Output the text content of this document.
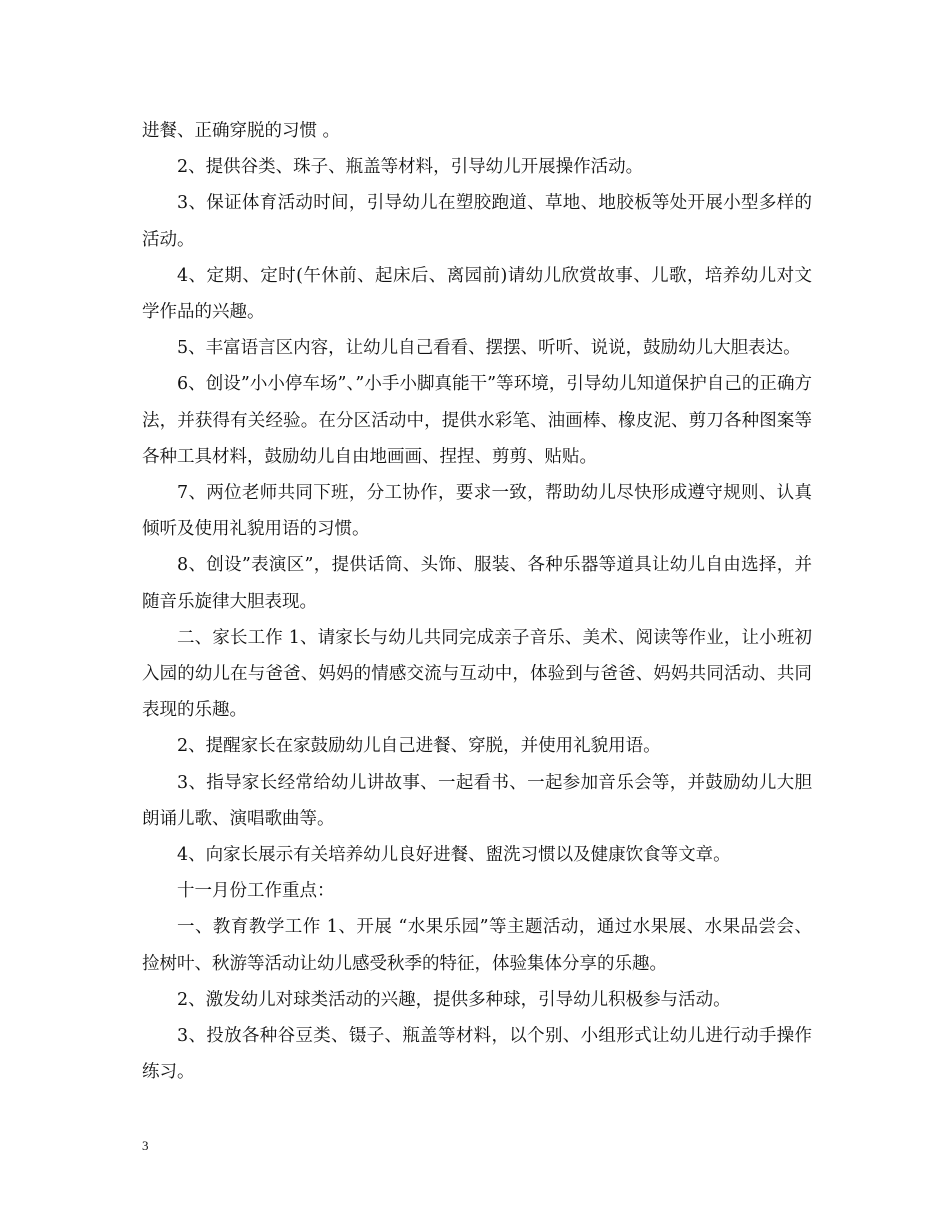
进餐、正确穿脱的习惯 。

2、提供谷类、珠子、瓶盖等材料，引导幼儿开展操作活动。

3、保证体育活动时间，引导幼儿在塑胶跑道、草地、地胶板等处开展小型多样的活动。

4、定期、定时(午休前、起床后、离园前)请幼儿欣赏故事、儿歌，培养幼儿对文学作品的兴趣。

5、丰富语言区内容，让幼儿自己看看、摆摆、听听、说说，鼓励幼儿大胆表达。

6、创设”小小停车场”、”小手小脚真能干”等环境，引导幼儿知道保护自己的正确方法，并获得有关经验。在分区活动中，提供水彩笔、油画棒、橡皮泥、剪刀各种图案等各种工具材料，鼓励幼儿自由地画画、捏捏、剪剪、贴贴。

7、两位老师共同下班，分工协作，要求一致，帮助幼儿尽快形成遵守规则、认真倾听及使用礼貌用语的习惯。

8、创设”表演区”，提供话筒、头饰、服装、各种乐器等道具让幼儿自由选择，并随音乐旋律大胆表现。

二、家长工作 1、请家长与幼儿共同完成亲子音乐、美术、阅读等作业，让小班初入园的幼儿在与爸爸、妈妈的情感交流与互动中，体验到与爸爸、妈妈共同活动、共同表现的乐趣。

2、提醒家长在家鼓励幼儿自己进餐、穿脱，并使用礼貌用语。

3、指导家长经常给幼儿讲故事、一起看书、一起参加音乐会等，并鼓励幼儿大胆朗诵儿歌、演唱歌曲等。

4、向家长展示有关培养幼儿良好进餐、盥洗习惯以及健康饮食等文章。

十一月份工作重点：

一、教育教学工作 1、开展 “水果乐园”等主题活动，通过水果展、水果品尝会、捡树叶、秋游等活动让幼儿感受秋季的特征，体验集体分享的乐趣。

2、激发幼儿对球类活动的兴趣，提供多种球，引导幼儿积极参与活动。

3、投放各种谷豆类、镊子、瓶盖等材料，以个别、小组形式让幼儿进行动手操作练习。

3
